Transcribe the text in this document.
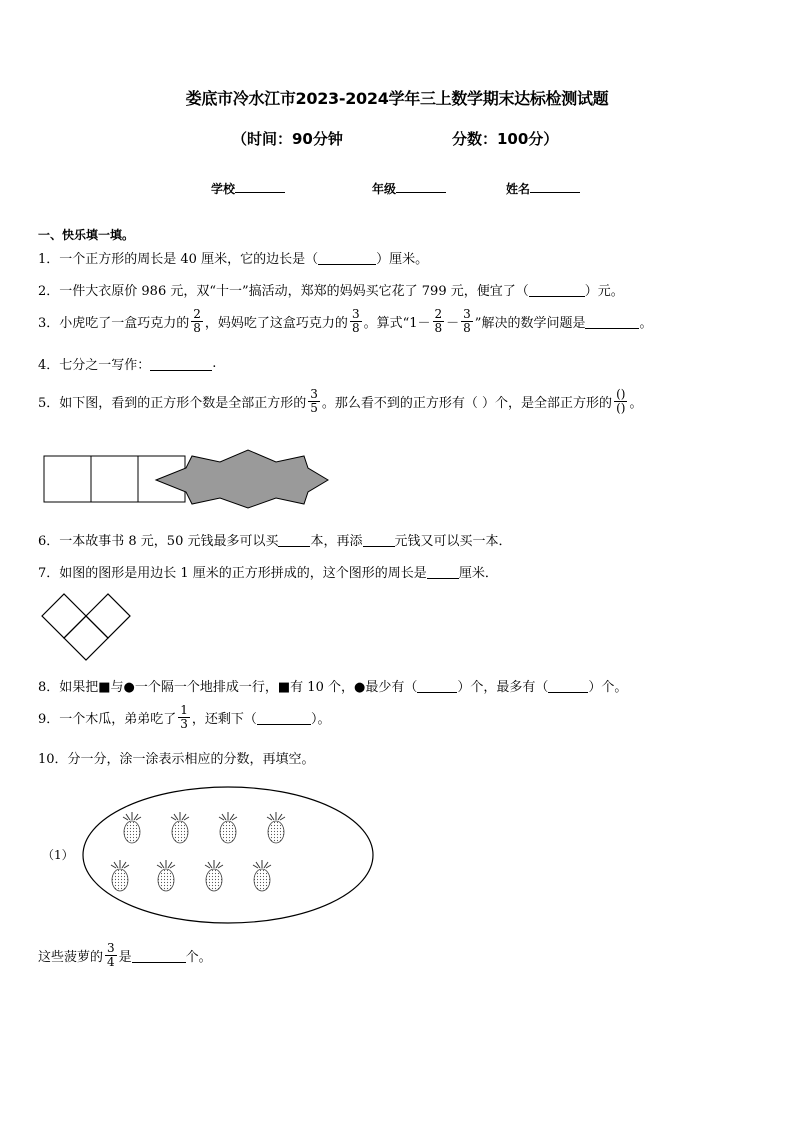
娄底市冷水江市2023-2024学年三上数学期末达标检测试题
（时间：90分钟	分数：100分）
学校	年级	姓名
一、快乐填一填。
1．一个正方形的周长是 40 厘米，它的边长是（	）厘米。
2．一件大衣原价 986 元，双“十一”搞活动，郑郑的妈妈买它花了 799 元，便宜了（	）元。
3．小虎吃了一盒巧克力的 $\frac{2}{8}$ ，妈妈吃了这盒巧克力的 $\frac{3}{8}$ 。算式“$1- \frac{2}{8} - \frac{3}{8}$ ”解决的数学问题是	。
4．七分之一写作：	.
5．如下图，看到的正方形个数是全部正方形的 $\frac{3}{5}$ 。那么看不到的正方形有（ ）个，是全部正方形的 $\frac{()}{()}$ 。
6．一本故事书 8 元，50 元钱最多可以买 本，再添 元钱又可以买一本．
7．如图的图形是用边长 1 厘米的正方形拼成的，这个图形的周长是 厘米．
8．如果把■与●一个隔一个地排成一行，■有 10 个，●最少有（	）个，最多有（	）个。
9．一个木瓜，弟弟吃了 $\frac{1}{3}$ ，还剩下（	）。
10．分一分，涂一涂表示相应的分数，再填空。
（1）
这些菠萝的 $\frac{3}{4}$ 是	个。
